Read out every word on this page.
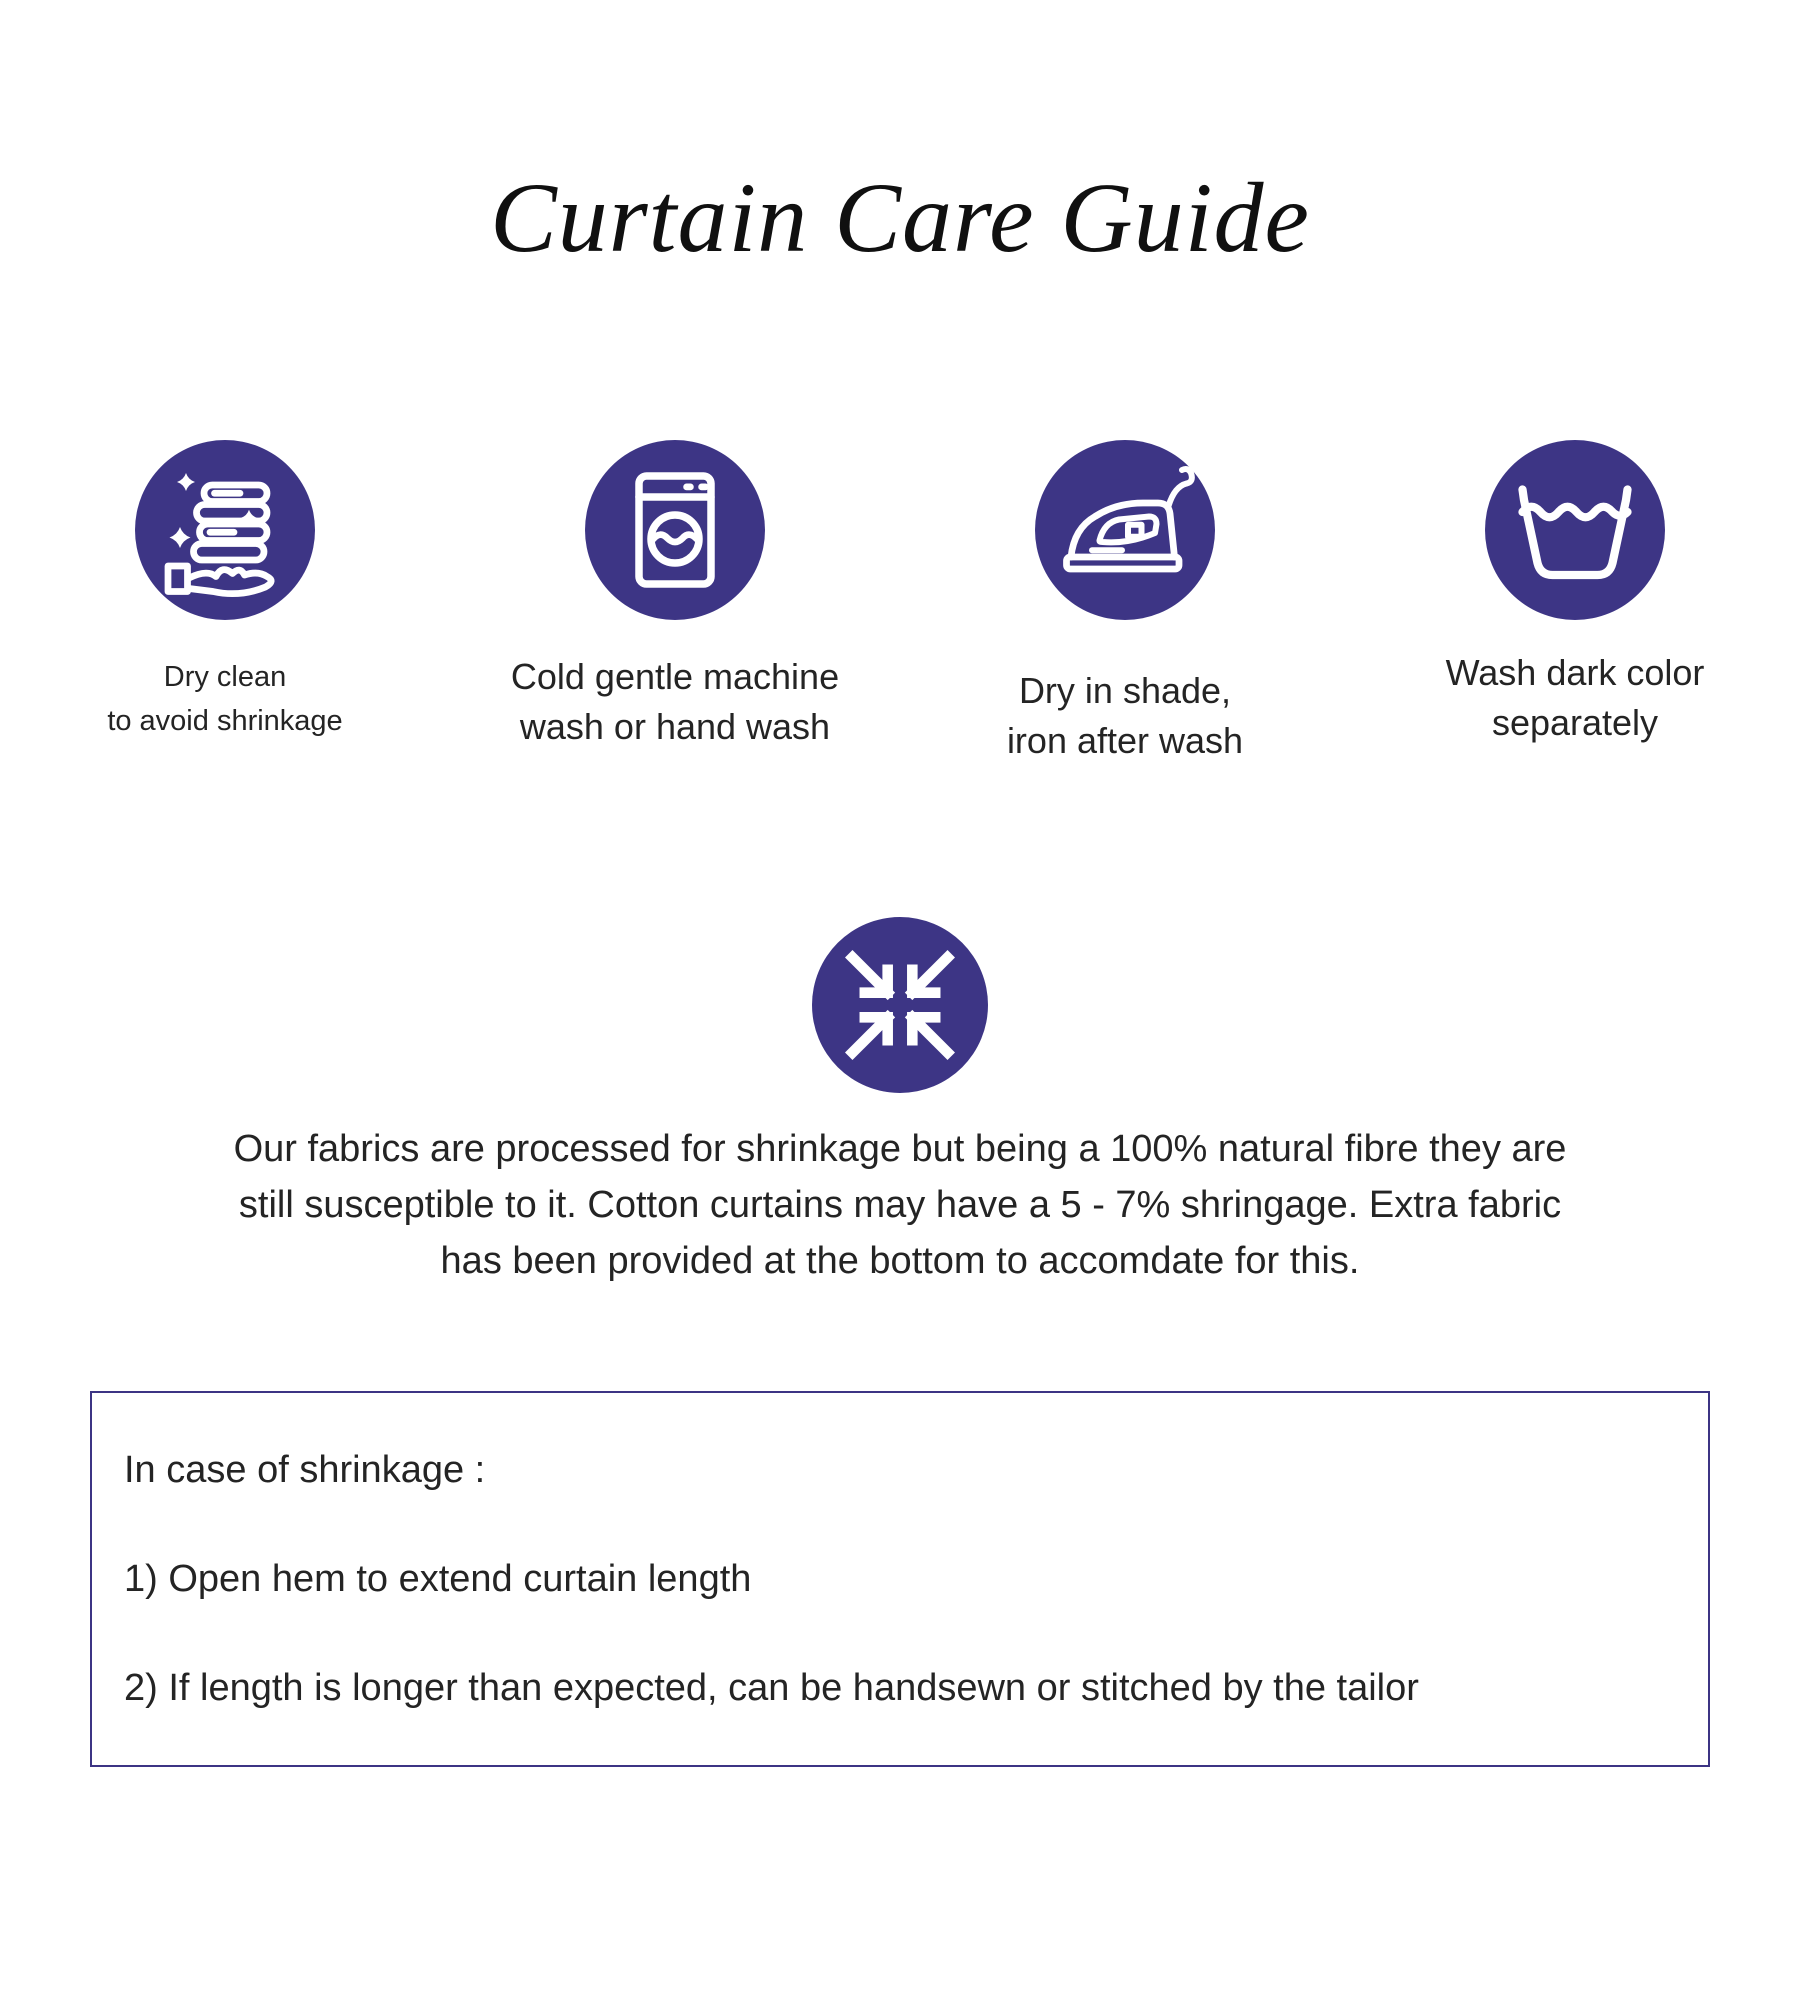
Curtain Care Guide
Dry clean
to avoid shrinkage
Cold gentle machine
wash or hand wash
Dry in shade,
iron after wash
Wash dark color
separately
Our fabrics are processed for shrinkage but being a 100% natural fibre they are
still susceptible to it. Cotton curtains may have a 5 - 7% shringage. Extra fabric
has been provided at the bottom to accomdate for this.
In case of shrinkage :
1) Open hem to extend curtain length
2) If length is longer than expected, can be handsewn or stitched by the tailor
